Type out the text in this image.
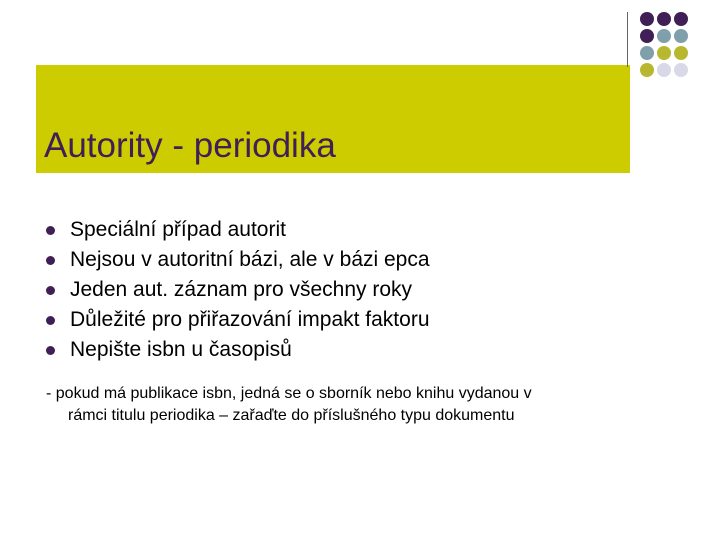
Autority - periodika
Speciální případ autorit
Nejsou v autoritní bázi, ale v bázi epca
Jeden aut. záznam pro všechny roky
Důležité pro přiřazování impakt faktoru
Nepište isbn u časopisů
- pokud má publikace isbn, jedná se o sborník nebo knihu vydanou v
rámci titulu periodika – zařaďte do příslušného typu dokumentu
